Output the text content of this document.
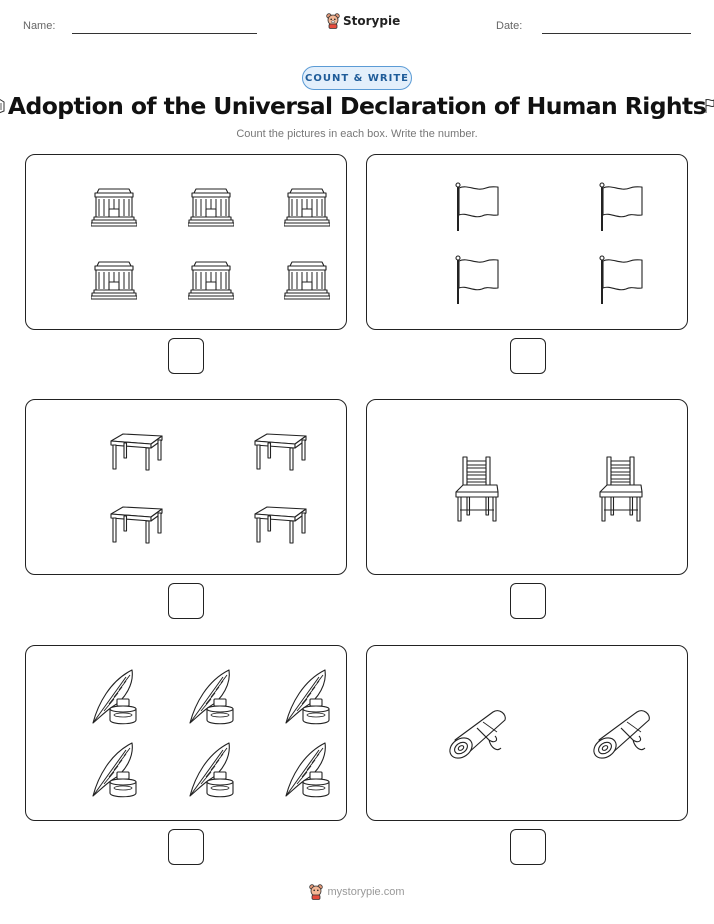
Name:	Storypie	Date:
COUNT & WRITE
Adoption of the Universal Declaration of Human Rights
Count the pictures in each box. Write the number.
mystorypie.com
